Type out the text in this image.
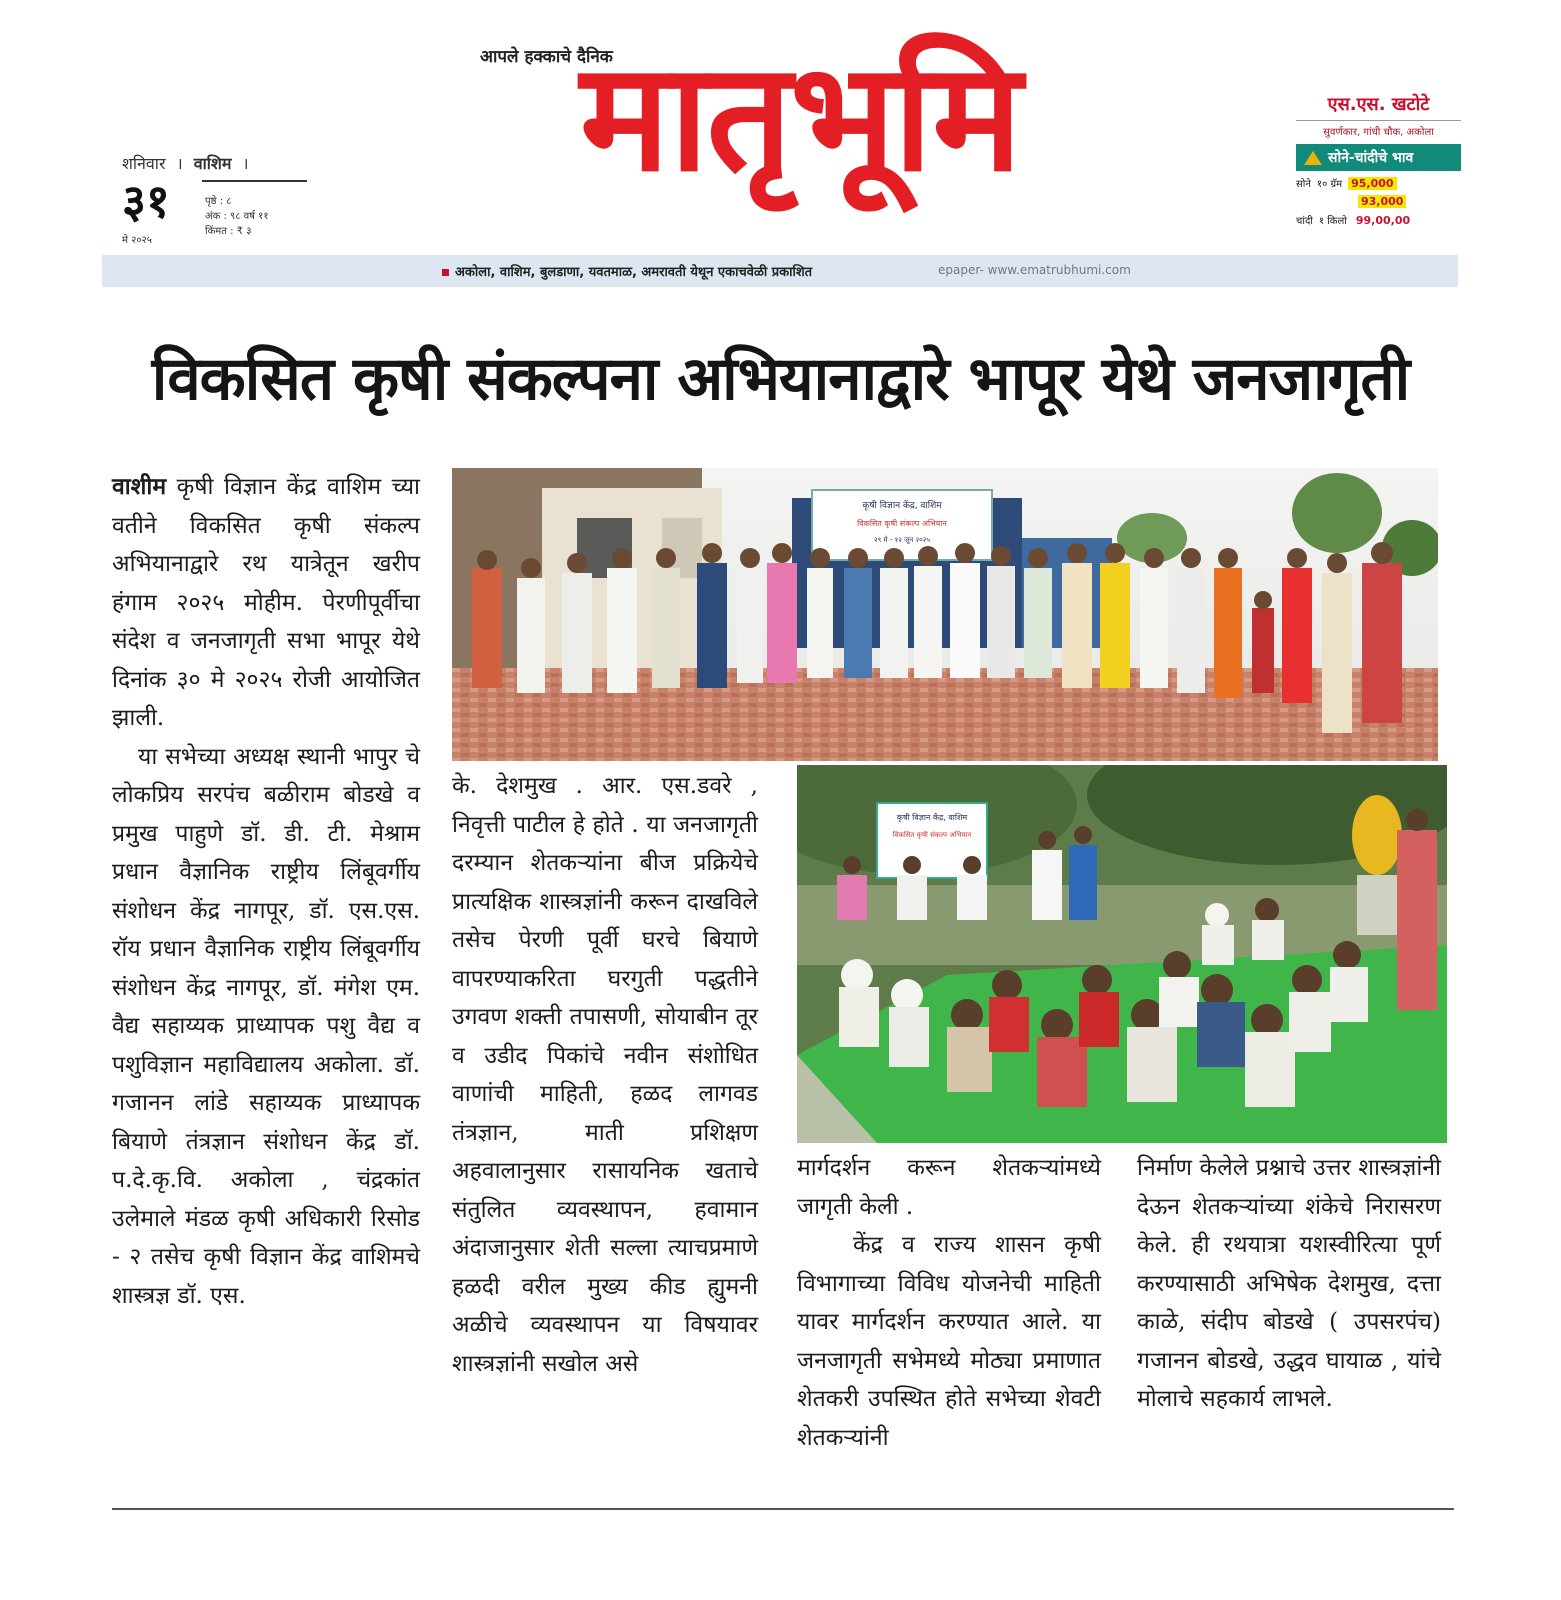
मातृभूमि
आपले हक्काचे दैनिक
शनिवार । वाशिम ।
३१
मे २०२५
पृष्ठे : ८
अंक : ९८ वर्ष ११
किंमत : ₹ ३
एस.एस. खटोटे
सुवर्णकार, गांधी चौक, अकोला
सोने-चांदीचे भाव
सोने १० ग्रॅम 95,000
93,000
चांदी १ किलो 99,00,00
अकोला, वाशिम, बुलडाणा, यवतमाळ, अमरावती येथून एकाचवेळी प्रकाशित	epaper- www.ematrubhumi.com
विकसित कृषी संकल्पना अभियानाद्वारे भापूर येथे जनजागृती
वाशीम कृषी विज्ञान केंद्र वाशिम च्या वतीने विकसित कृषी संकल्प अभियानाद्वारे रथ यात्रेतून खरीप हंगाम २०२५ मोहीम. पेरणीपूर्वीचा संदेश व जनजागृती सभा भापूर येथे दिनांक ३० मे २०२५ रोजी आयोजित झाली.
या सभेच्या अध्यक्ष स्थानी भापुर चे लोकप्रिय सरपंच बळीराम बोडखे व प्रमुख पाहुणे डॉ. डी. टी. मेश्राम प्रधान वैज्ञानिक राष्ट्रीय लिंबूवर्गीय संशोधन केंद्र नागपूर, डॉ. एस.एस. रॉय प्रधान वैज्ञानिक राष्ट्रीय लिंबूवर्गीय संशोधन केंद्र नागपूर, डॉ. मंगेश एम. वैद्य सहाय्यक प्राध्यापक पशु वैद्य व पशुविज्ञान महाविद्यालय अकोला. डॉ. गजानन लांडे सहाय्यक प्राध्यापक बियाणे तंत्रज्ञान संशोधन केंद्र डॉ. प.दे.कृ.वि. अकोला , चंद्रकांत उलेमाले मंडळ कृषी अधिकारी रिसोड - २ तसेच कृषी विज्ञान केंद्र वाशिमचे शास्त्रज्ञ डॉ. एस.
कृषी विज्ञान केंद्र, वाशिम
विकसित कृषी संकल्प अभियान
२९ मे - १२ जून २०२५
के. देशमुख . आर. एस.डवरे , निवृत्ती पाटील हे होते . या जनजागृती दरम्यान शेतकऱ्यांना बीज प्रक्रियेचे प्रात्यक्षिक शास्त्रज्ञांनी करून दाखविले तसेच पेरणी पूर्वी घरचे बियाणे वापरण्याकरिता घरगुती पद्धतीने उगवण शक्ती तपासणी, सोयाबीन तूर व उडीद पिकांचे नवीन संशोधित वाणांची माहिती, हळद लागवड तंत्रज्ञान, माती प्रशिक्षण अहवालानुसार रासायनिक खताचे संतुलित व्यवस्थापन, हवामान अंदाजानुसार शेती सल्ला त्याचप्रमाणे हळदी वरील मुख्य कीड ह्युमनी अळीचे व्यवस्थापन या विषयावर शास्त्रज्ञांनी सखोल असे
कृषी विज्ञान केंद्र, वाशिम
विकसित कृषी संकल्प अभियान
मार्गदर्शन करून शेतकऱ्यांमध्ये जागृती केली .
केंद्र व राज्य शासन कृषी विभागाच्या विविध योजनेची माहिती यावर मार्गदर्शन करण्यात आले. या जनजागृती सभेमध्ये मोठ्या प्रमाणात शेतकरी उपस्थित होते सभेच्या शेवटी शेतकऱ्यांनी
निर्माण केलेले प्रश्नाचे उत्तर शास्त्रज्ञांनी देऊन शेतकऱ्यांच्या शंकेचे निरासरण केले. ही रथयात्रा यशस्वीरित्या पूर्ण करण्यासाठी अभिषेक देशमुख, दत्ता काळे, संदीप बोडखे ( उपसरपंच) गजानन बोडखे, उद्धव घायाळ , यांचे मोलाचे सहकार्य लाभले.
